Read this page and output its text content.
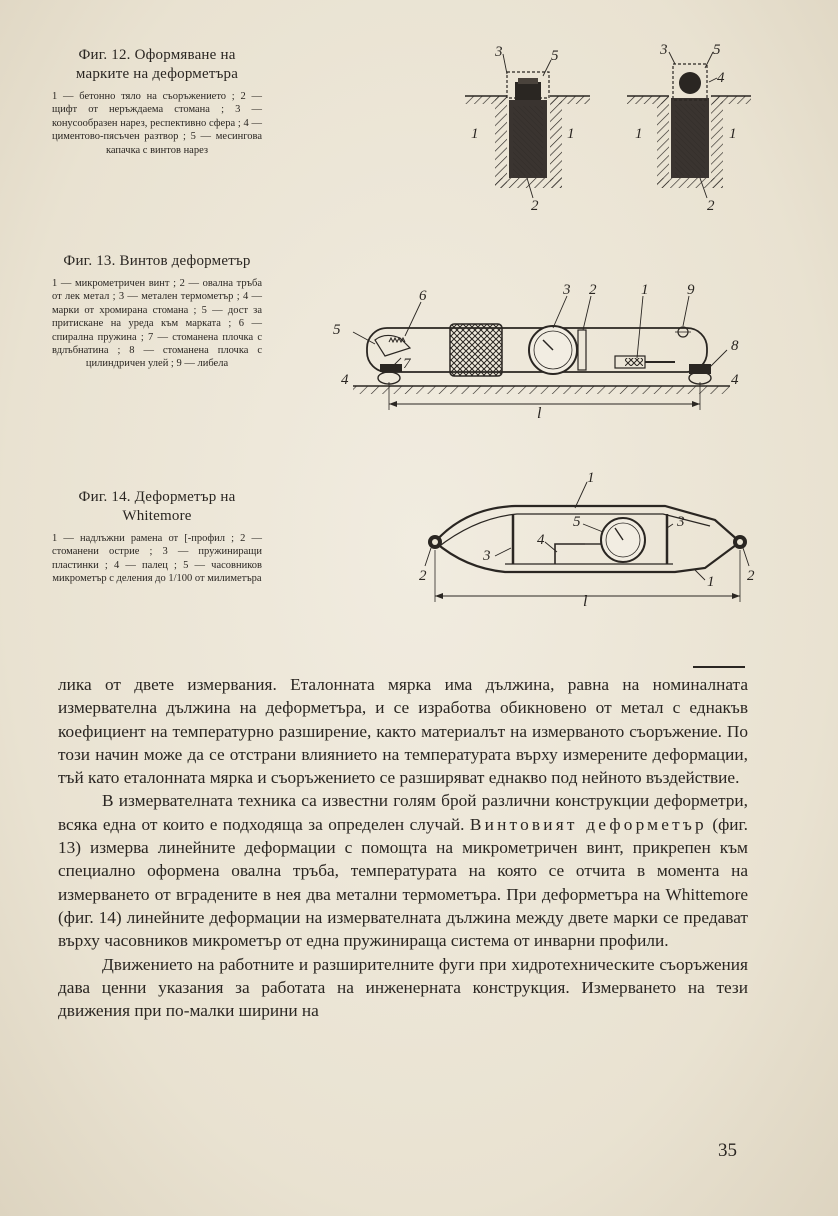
Фиг. 12. Оформяване на марките на деформетъра

1 — бетонно тяло на съоръжението ; 2 — щифт от неръждаема стомана ; 3 — конусообразен нарез, респективно сфера ; 4 — циментово-пясъчен разтвор ; 5 — месингова капачка с винтов нарез

3	5
1	1
2
3	5
4
1	1
2

Фиг. 13. Винтов деформетър

1 — микрометричен винт ; 2 — овална тръба от лек метал ; 3 — метален термометър ; 4 — марки от хромирана стомана ; 5 — дост за притискане на уреда към марката ; 6 — спирална пружина ; 7 — стоманена плочка с вдлъбнатина ; 8 — стоманена плочка с цилиндричен улей ; 9 — либела

6	3 2	1	9
5
7
8
4	4
l

Фиг. 14. Деформетър на Whitemore

1 — надлъжни рамена от [-профил ; 2 — стоманени острие ; 3 — пружиниращи пластинки ; 4 — палец ; 5 — часовников микрометър с деления до 1/100 от милиметъра

1
5	3
3
4
2	2
1
l

лика от двете измервания. Еталонната мярка има дължина, равна на номиналната измервателна дължина на деформетъра, и се изработва обикновено от метал с еднакъв коефициент на температурно разширение, както материалът на измерваното съоръжение. По този начин може да се отстрани влиянието на температурата върху измерените деформации, тъй като еталонната мярка и съоръжението се разширяват еднакво под нейното въздействие.

В измервателната техника са известни голям брой различни конструкции деформетри, всяка една от които е подходяща за определен случай. Винтовият деформетър (фиг. 13) измерва линейните деформации с помощта на микрометричен винт, прикрепен към специално оформена овална тръба, температурата на която се отчита в момента на измерването от вградените в нея два метални термометъра. При деформетъра на Whittemore (фиг. 14) линейните деформации на измервателната дължина между двете марки се предават върху часовников микрометър от една пружинираща система от инварни профили.

Движението на работните и разширителните фуги при хидротехническите съоръжения дава ценни указания за работата на инженерната конструкция. Измерването на тези движения при по-малки ширини на

35
